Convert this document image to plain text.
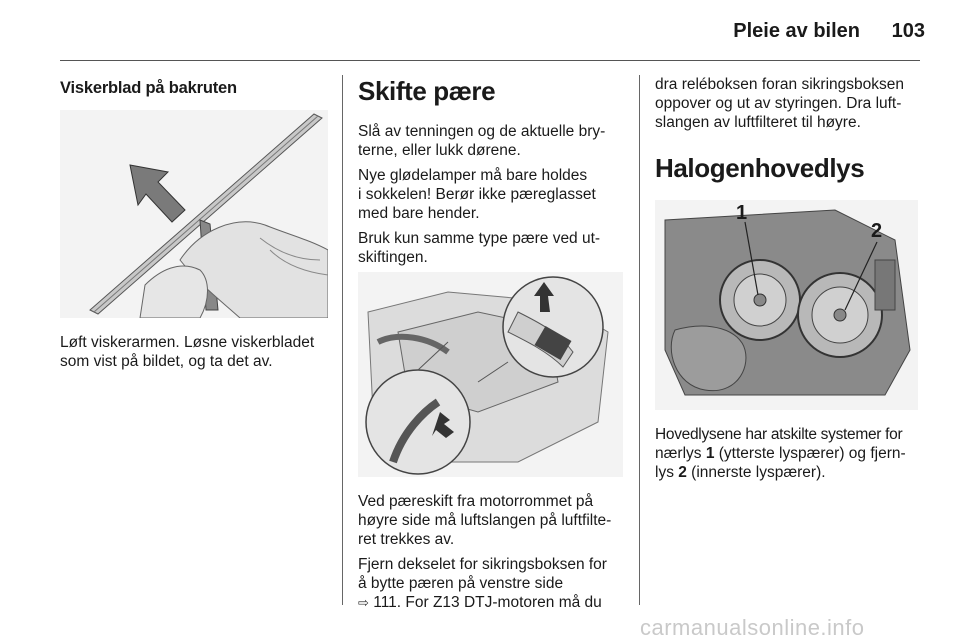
Pleie av bilen	103
Viskerblad på bakruten

Løft viskerarmen. Løsne viskerbladet

som vist på bildet, og ta det av.

Skifte pære

Slå av tenningen og de aktuelle bry-

terne, eller lukk dørene.

Nye glødelamper må bare holdes

i sokkelen! Berør ikke pæreglasset

med bare hender.

Bruk kun samme type pære ved ut-

skiftingen.

Ved pæreskift fra motorrommet på

høyre side må luftslangen på luftfilte-

ret trekkes av.

Fjern dekselet for sikringsboksen for

å bytte pæren på venstre side

⇨ 111. For Z13 DTJ-motoren må du

dra reléboksen foran sikringsboksen

oppover og ut av styringen. Dra luft-

slangen av luftfilteret til høyre.

Halogenhovedlys
1
2

Hovedlysene har atskilte systemer for

nærlys 1 (ytterste lyspærer) og fjern-

lys 2 (innerste lyspærer).

carmanualsonline.info
